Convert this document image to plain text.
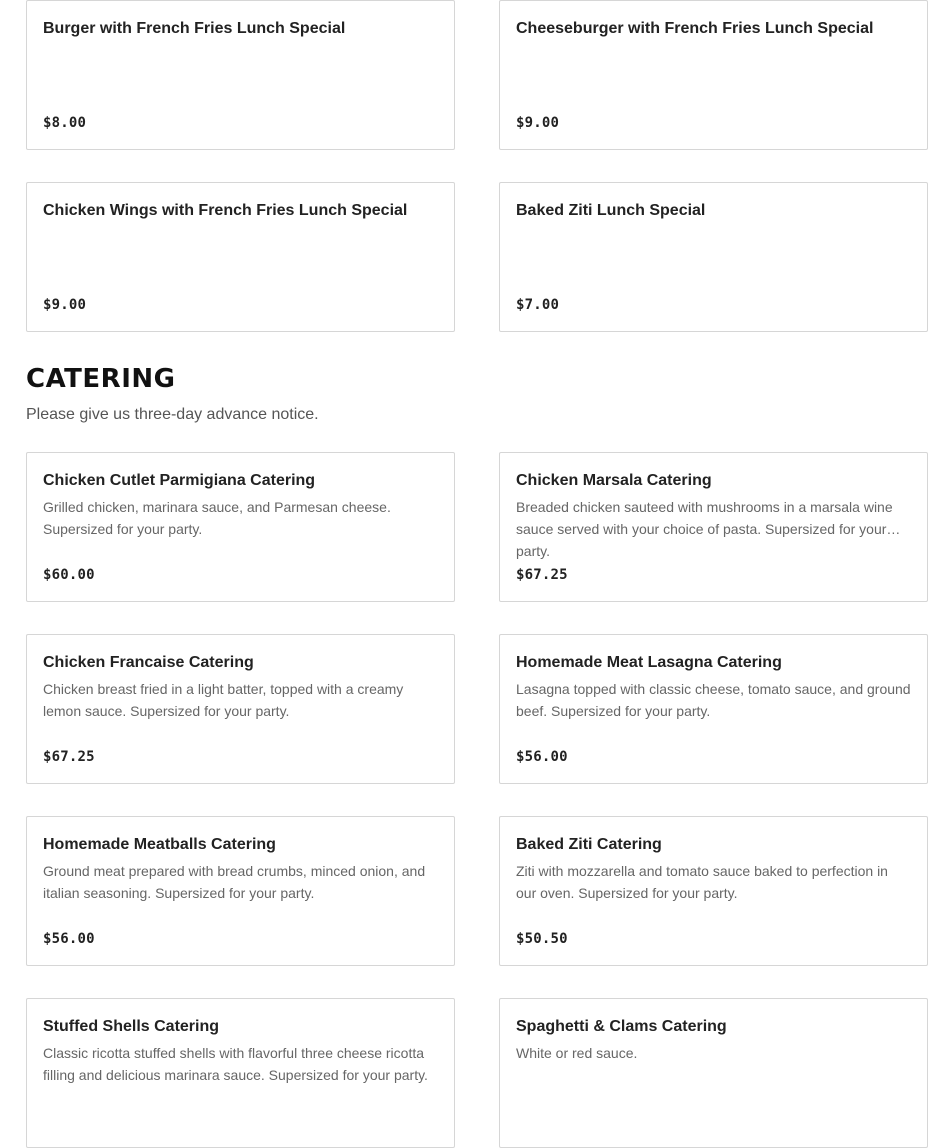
Burger with French Fries Lunch Special

$8.00

Cheeseburger with French Fries Lunch Special

$9.00

Chicken Wings with French Fries Lunch Special

$9.00

Baked Ziti Lunch Special

$7.00
CATERING

Please give us three-day advance notice.

Chicken Cutlet Parmigiana Catering

Grilled chicken, marinara sauce, and Parmesan cheese. Supersized for your party.
$60.00

Chicken Marsala Catering

Breaded chicken sauteed with mushrooms in a marsala wine sauce served with your choice of pasta. Supersized for your party.
$67.25

Chicken Francaise Catering

Chicken breast fried in a light batter, topped with a creamy lemon sauce. Supersized for your party.
$67.25

Homemade Meat Lasagna Catering

Lasagna topped with classic cheese, tomato sauce, and ground beef. Supersized for your party.
$56.00

Homemade Meatballs Catering

Ground meat prepared with bread crumbs, minced onion, and italian seasoning. Supersized for your party.
$56.00

Baked Ziti Catering

Ziti with mozzarella and tomato sauce baked to perfection in our oven. Supersized for your party.
$50.50

Stuffed Shells Catering

Classic ricotta stuffed shells with flavorful three cheese ricotta filling and delicious marinara sauce. Supersized for your party.

Spaghetti & Clams Catering

White or red sauce.
